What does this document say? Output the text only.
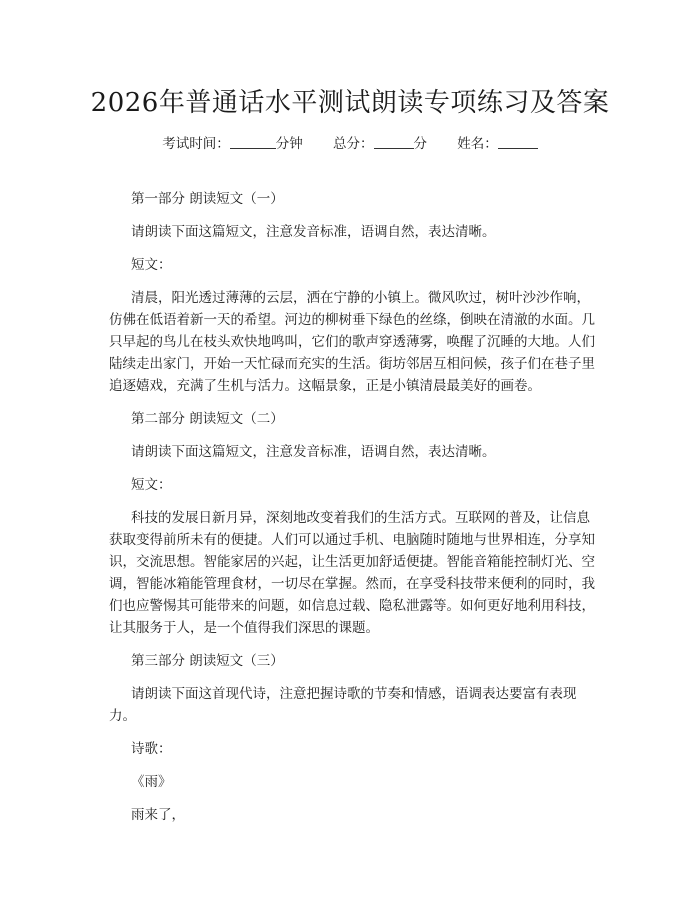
2026年普通话水平测试朗读专项练习及答案
考试时间：	分钟 总分：	分 姓名：

第一部分 朗读短文（一）

请朗读下面这篇短文，注意发音标准，语调自然，表达清晰。

短文：

清晨，阳光透过薄薄的云层，洒在宁静的小镇上。微风吹过，树叶沙沙作响，仿佛在低语着新一天的希望。河边的柳树垂下绿色的丝绦，倒映在清澈的水面。几只早起的鸟儿在枝头欢快地鸣叫，它们的歌声穿透薄雾，唤醒了沉睡的大地。人们陆续走出家门，开始一天忙碌而充实的生活。街坊邻居互相问候，孩子们在巷子里追逐嬉戏，充满了生机与活力。这幅景象，正是小镇清晨最美好的画卷。

第二部分 朗读短文（二）

请朗读下面这篇短文，注意发音标准，语调自然，表达清晰。

短文：

科技的发展日新月异，深刻地改变着我们的生活方式。互联网的普及，让信息获取变得前所未有的便捷。人们可以通过手机、电脑随时随地与世界相连，分享知识，交流思想。智能家居的兴起，让生活更加舒适便捷。智能音箱能控制灯光、空调，智能冰箱能管理食材，一切尽在掌握。然而，在享受科技带来便利的同时，我们也应警惕其可能带来的问题，如信息过载、隐私泄露等。如何更好地利用科技，让其服务于人，是一个值得我们深思的课题。

第三部分 朗读短文（三）

请朗读下面这首现代诗，注意把握诗歌的节奏和情感，语调表达要富有表现力。

诗歌：

《雨》

雨来了，
